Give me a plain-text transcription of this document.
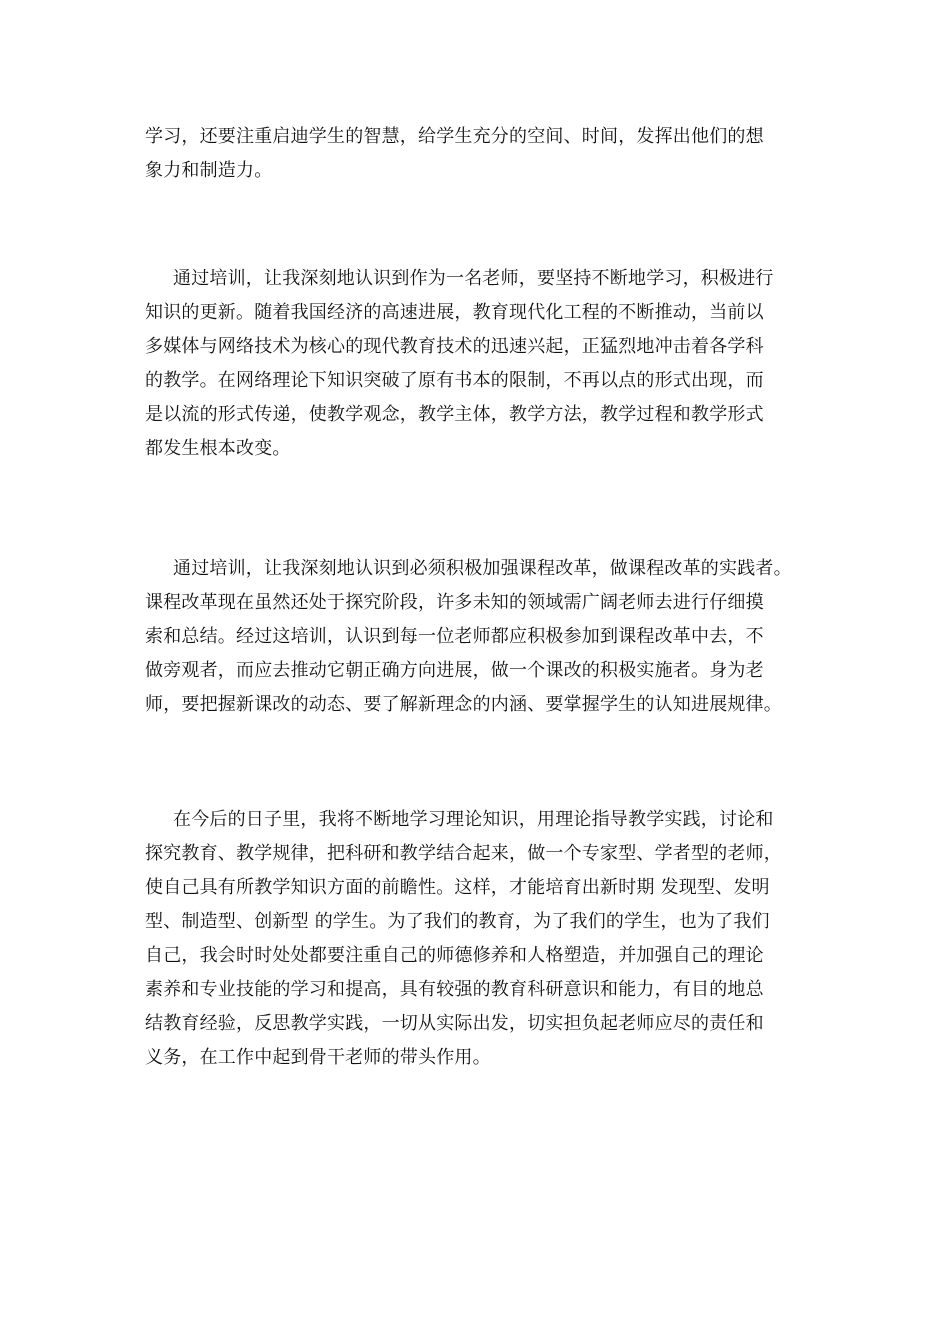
学习，还要注重启迪学生的智慧，给学生充分的空间、时间，发挥出他们的想
象力和制造力。
通过培训，让我深刻地认识到作为一名老师，要坚持不断地学习，积极进行
知识的更新。随着我国经济的高速进展，教育现代化工程的不断推动，当前以
多媒体与网络技术为核心的现代教育技术的迅速兴起，正猛烈地冲击着各学科
的教学。在网络理论下知识突破了原有书本的限制，不再以点的形式出现，而
是以流的形式传递，使教学观念，教学主体，教学方法，教学过程和教学形式
都发生根本改变。
通过培训，让我深刻地认识到必须积极加强课程改革，做课程改革的实践者。
课程改革现在虽然还处于探究阶段，许多未知的领域需广阔老师去进行仔细摸
索和总结。经过这培训，认识到每一位老师都应积极参加到课程改革中去，不
做旁观者，而应去推动它朝正确方向进展，做一个课改的积极实施者。身为老
师，要把握新课改的动态、要了解新理念的内涵、要掌握学生的认知进展规律。
在今后的日子里，我将不断地学习理论知识，用理论指导教学实践，讨论和
探究教育、教学规律，把科研和教学结合起来，做一个专家型、学者型的老师，
使自己具有所教学知识方面的前瞻性。这样，才能培育出新时期 发现型、发明
型、制造型、创新型 的学生。为了我们的教育，为了我们的学生，也为了我们
自己，我会时时处处都要注重自己的师德修养和人格塑造，并加强自己的理论
素养和专业技能的学习和提高，具有较强的教育科研意识和能力，有目的地总
结教育经验，反思教学实践，一切从实际出发，切实担负起老师应尽的责任和
义务，在工作中起到骨干老师的带头作用。
